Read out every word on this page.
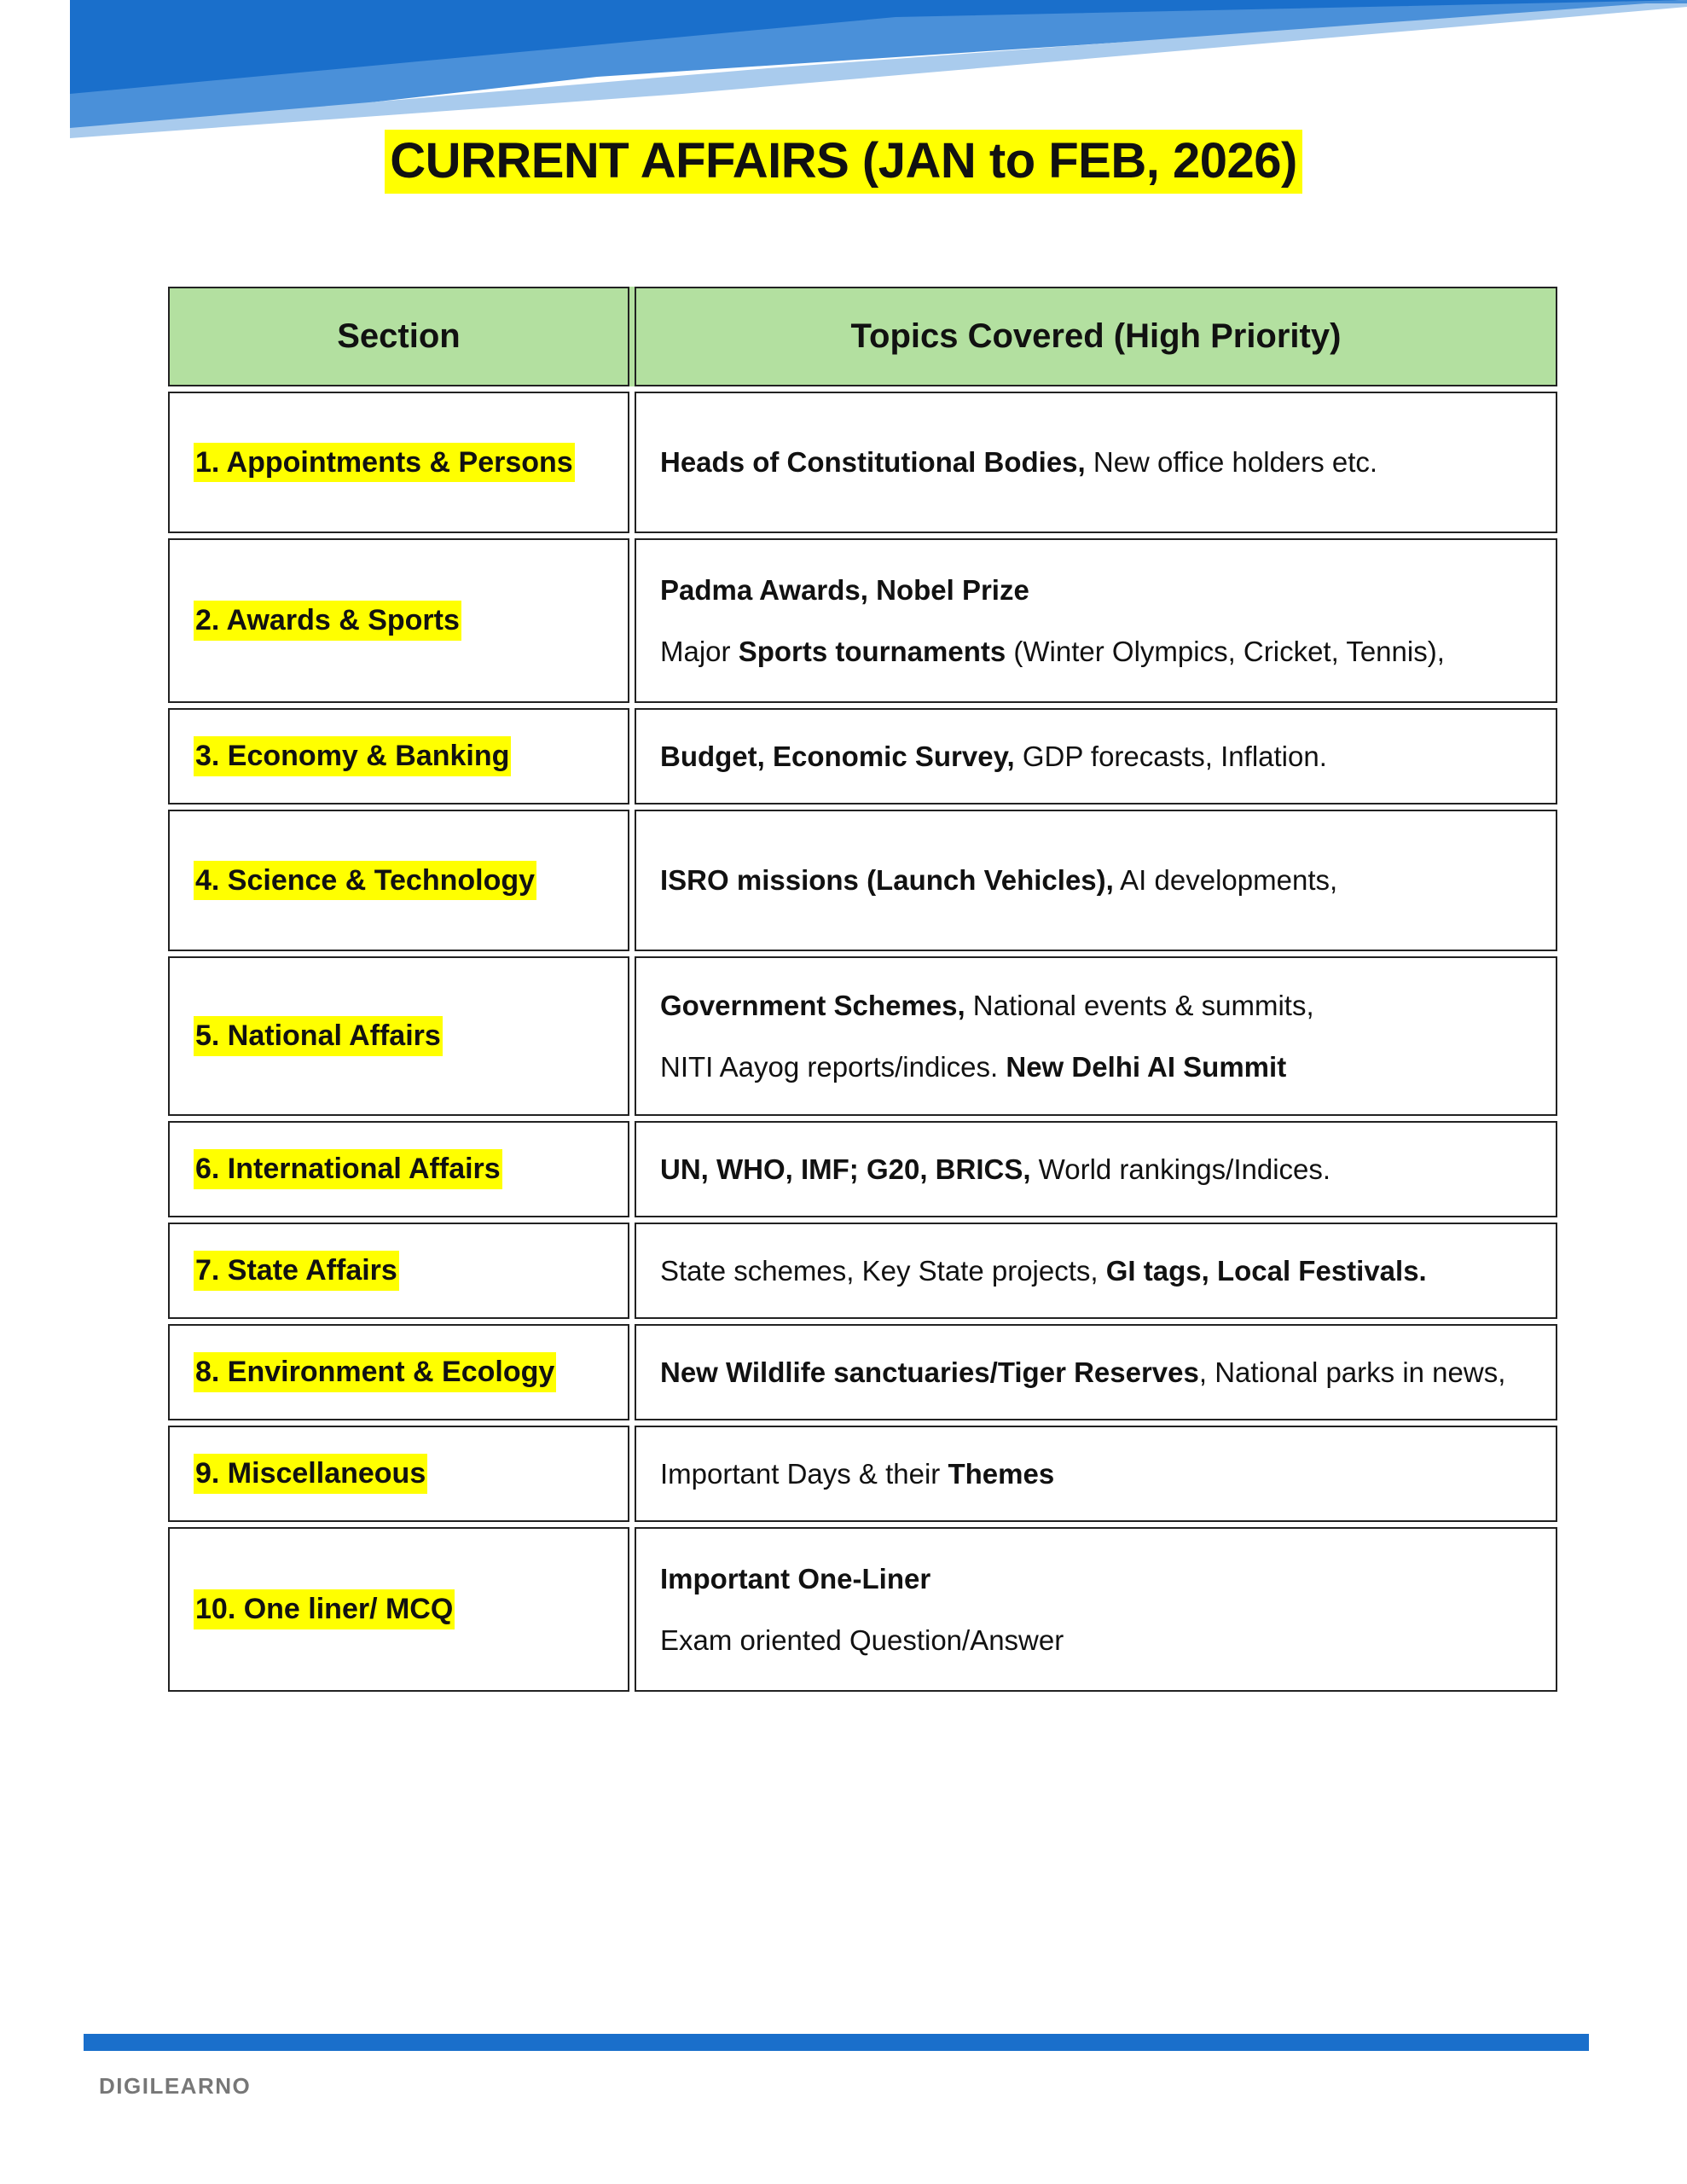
CURRENT AFFAIRS (JAN to FEB, 2026)
Section		Topics Covered (High Priority)
1. Appointments & Persons		Heads of Constitutional Bodies, New office holders etc.

2. Awards & Sports		Padma Awards, Nobel Prize

Major Sports tournaments (Winter Olympics, Cricket, Tennis),

3. Economy & Banking		Budget, Economic Survey, GDP forecasts, Inflation.

4. Science & Technology		ISRO missions (Launch Vehicles), AI developments,

5. National Affairs		Government Schemes, National events & summits,

NITI Aayog reports/indices. New Delhi AI Summit

6. International Affairs		UN, WHO, IMF; G20, BRICS, World rankings/Indices.

7. State Affairs		State schemes, Key State projects, GI tags, Local Festivals.

8. Environment & Ecology		New Wildlife sanctuaries/Tiger Reserves, National parks in news,

9. Miscellaneous		Important Days & their Themes

10. One liner/ MCQ		Important One-Liner

Exam oriented Question/Answer

DIGILEARNO
